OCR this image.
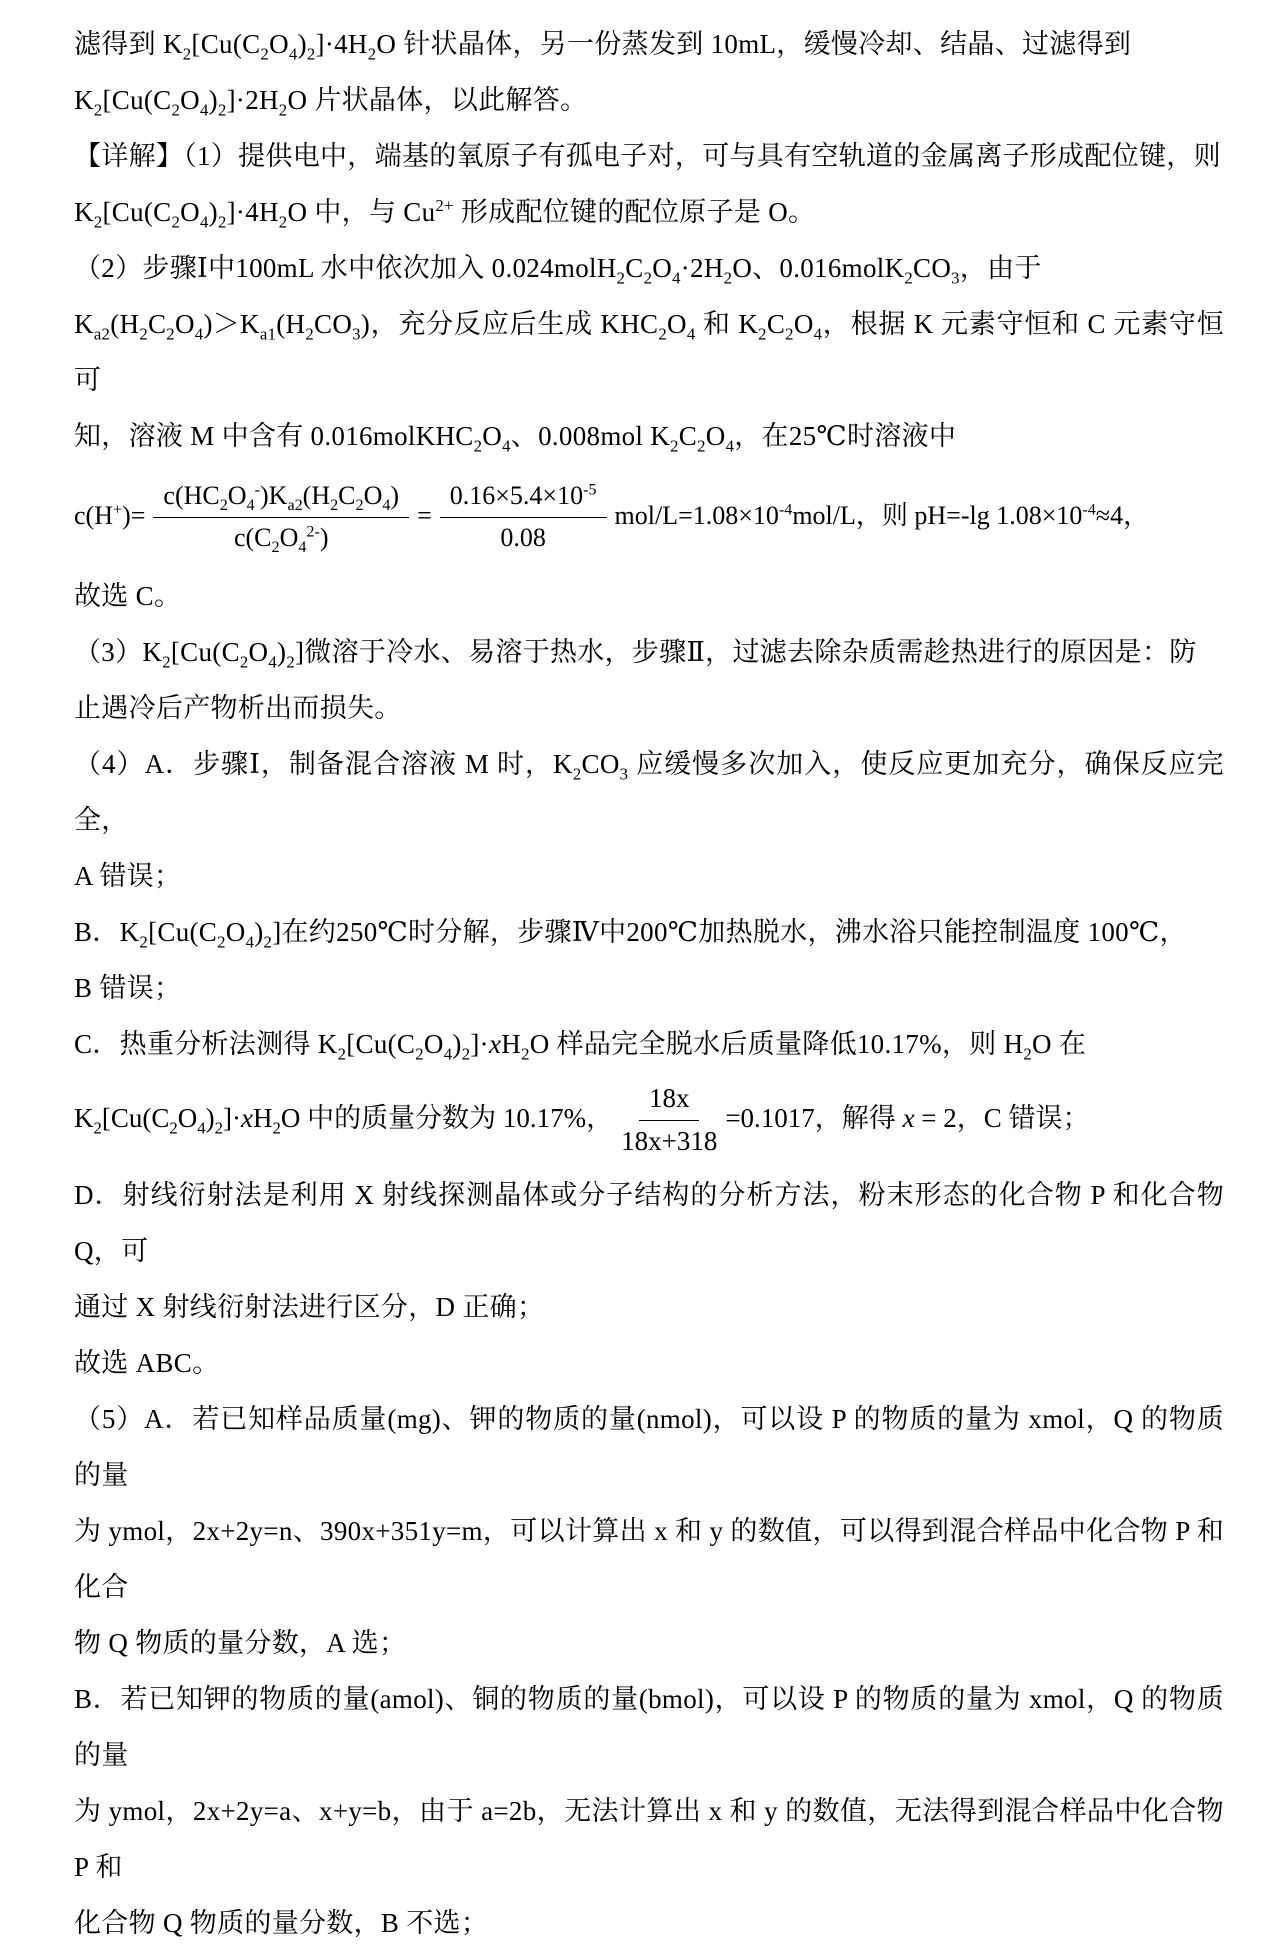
滤得到 $K_2[Cu(C_2O_4)_2]\cdot 4H_2O$ 针状晶体，另一份蒸发到 10mL，缓慢冷却、结晶、过滤得到

$K_2[Cu(C_2O_4)_2]\cdot 2H_2O$ 片状晶体，以此解答。

【详解】（1）提供电中，端基的氧原子有孤电子对，可与具有空轨道的金属离子形成配位键，则

$K_2[Cu(C_2O_4)_2]\cdot 4H_2O$ 中，与 $Cu^{2+}$ 形成配位键的配位原子是 O。

（2）步骤Ⅰ中100mL 水中依次加入 $0.024molH_2C_2O_4\cdot 2H_2O$、$0.016molK_2CO_3$，由于

$K_{a2}(H_2C_2O_4)>K_{a1}(H_2CO_3)$，充分反应后生成 $KHC_2O_4$ 和 $K_2C_2O_4$，根据 K 元素守恒和 C 元素守恒可

知，溶液 M 中含有 $0.016molKHC_2O_4$、0.008mol $K_2C_2O_4$，在25℃时溶液中

$c(H^+)= \frac{c(HC_2O_4^-)K_{a2}(H_2C_2O_4)}{c(C_2O_4^{2-})} = \frac{0.16\times 5.4\times 10^{-5}}{0.08} mol/L=1.08\times 10^{-4}mol/L$，则 pH=-lg $1.08\times 10^{-4}\approx 4$，

故选 C。

$(3)K_2[Cu(C_2O_4)_2]$微溶于冷水、易溶于热水，步骤Ⅱ，过滤去除杂质需趁热进行的原因是：防

止遇冷后产物析出而损失。

（4）A．步骤Ⅰ，制备混合溶液 M 时，$K_2CO_3$ 应缓慢多次加入，使反应更加充分，确保反应完全，

A 错误；

B．$K_2[Cu(C_2O_4)_2]$在约250℃时分解，步骤Ⅳ中200℃加热脱水，沸水浴只能控制温度 100℃，

B 错误；

C．热重分析法测得 $K_2[Cu(C_2O_4)_2]\cdot xH_2O$ 样品完全脱水后质量降低10.17%，则 $H_2O$ 在

$K_2[Cu(C_2O_4)_2]\cdot xH_2O$ 中的质量分数为 10.17%， $\frac{18x}{18x+318} =0.1017$，解得 x = 2，C 错误；

D．射线衍射法是利用 X 射线探测晶体或分子结构的分析方法，粉末形态的化合物 P 和化合物 Q，可

通过 X 射线衍射法进行区分，D 正确；

故选 ABC。

（5）A．若已知样品质量(mg)、钾的物质的量(nmol)，可以设 P 的物质的量为 xmol，Q 的物质的量

为 ymol，2x+2y=n、390x+351y=m，可以计算出 x 和 y 的数值，可以得到混合样品中化合物 P 和化合

物 Q 物质的量分数，A 选；

B．若已知钾的物质的量(amol)、铜的物质的量(bmol)，可以设 P 的物质的量为 xmol，Q 的物质的量

为 ymol，2x+2y=a、x+y=b，由于 a=2b，无法计算出 x 和 y 的数值，无法得到混合样品中化合物 P 和

化合物 Q 物质的量分数，B 不选；
